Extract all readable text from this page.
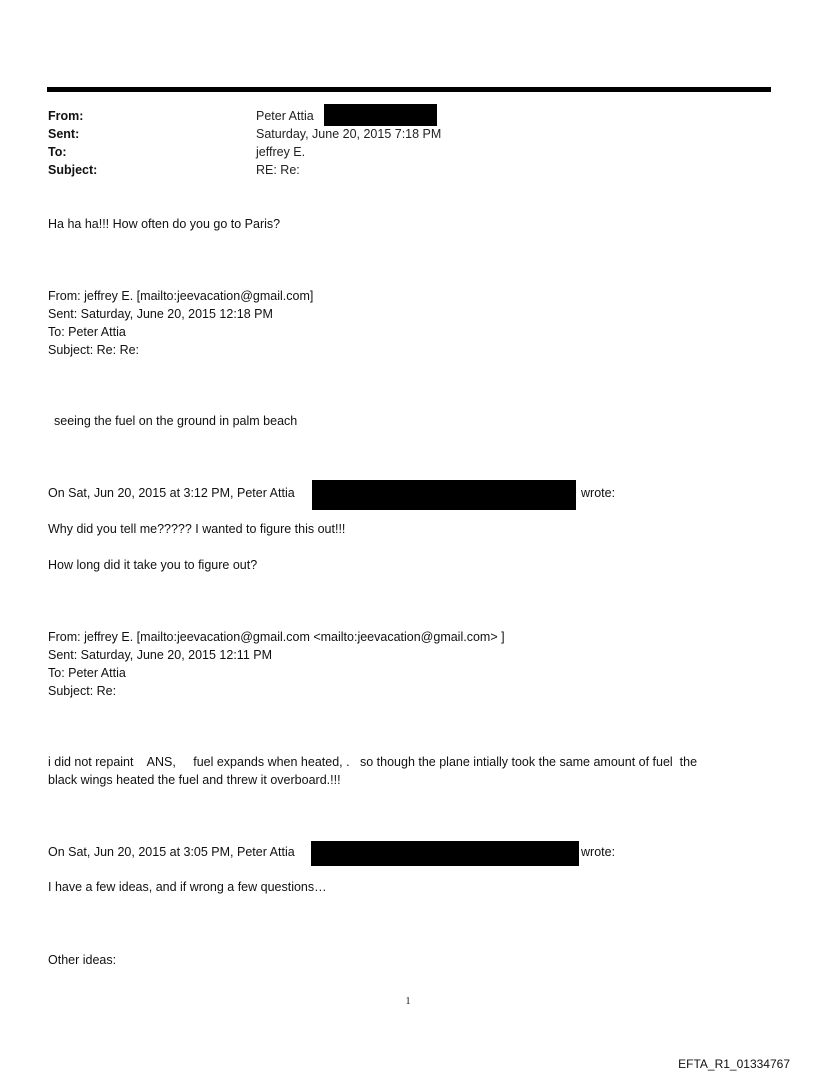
From:	Peter Attia
Sent:	Saturday, June 20, 2015 7:18 PM
To:	jeffrey E.
Subject:	RE: Re:
Ha ha ha!!! How often do you go to Paris?
From: jeffrey E. [mailto:jeevacation@gmail.com]
Sent: Saturday, June 20, 2015 12:18 PM
To: Peter Attia
Subject: Re: Re:
seeing the fuel on the ground in palm beach
On Sat, Jun 20, 2015 at 3:12 PM, Peter Attia	wrote:
Why did you tell me????? I wanted to figure this out!!!
How long did it take you to figure out?
From: jeffrey E. [mailto:jeevacation@gmail.com <mailto:jeevacation@gmail.com> ]
Sent: Saturday, June 20, 2015 12:11 PM
To: Peter Attia
Subject: Re:
i did not repaint    ANS,     fuel expands when heated, .   so though the plane intially took the same amount of fuel  the
black wings heated the fuel and threw it overboard.!!!
On Sat, Jun 20, 2015 at 3:05 PM, Peter Attia	wrote:
I have a few ideas, and if wrong a few questions…
Other ideas:
1
EFTA_R1_01334767
